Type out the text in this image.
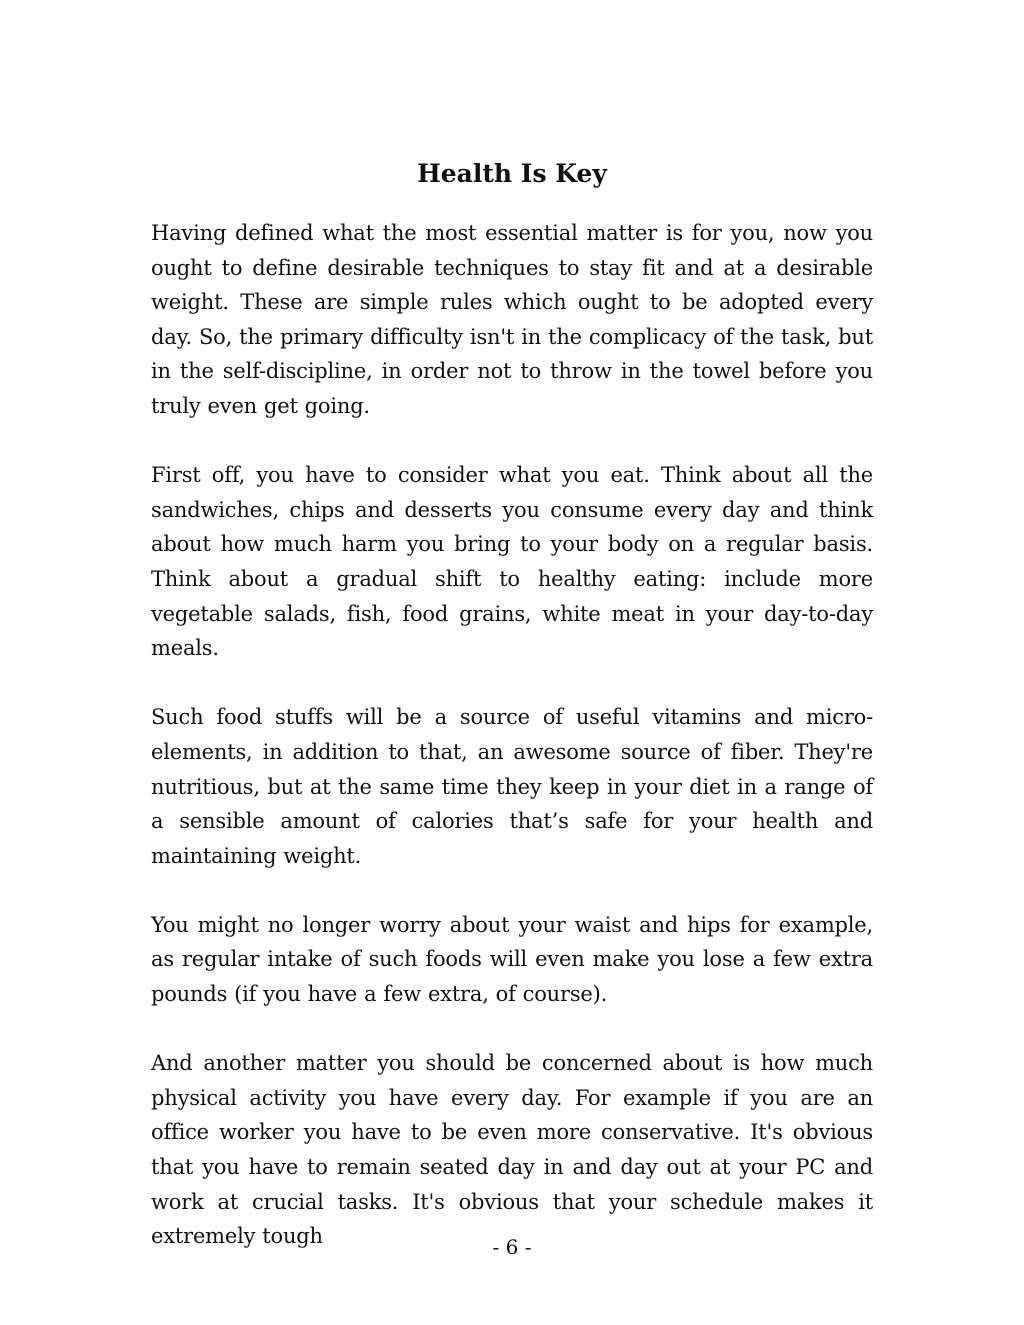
Health Is Key

Having defined what the most essential matter is for you, now you ought to define desirable techniques to stay fit and at a desirable weight. These are simple rules which ought to be adopted every day. So, the primary difficulty isn't in the complicacy of the task, but in the self-discipline, in order not to throw in the towel before you truly even get going.

First off, you have to consider what you eat. Think about all the sandwiches, chips and desserts you consume every day and think about how much harm you bring to your body on a regular basis. Think about a gradual shift to healthy eating: include more vegetable salads, fish, food grains, white meat in your day-to-day meals.

Such food stuffs will be a source of useful vitamins and micro-elements, in addition to that, an awesome source of fiber. They're nutritious, but at the same time they keep in your diet in a range of a sensible amount of calories that’s safe for your health and maintaining weight.

You might no longer worry about your waist and hips for example, as regular intake of such foods will even make you lose a few extra pounds (if you have a few extra, of course).

And another matter you should be concerned about is how much physical activity you have every day. For example if you are an office worker you have to be even more conservative. It's obvious that you have to remain seated day in and day out at your PC and work at crucial tasks. It's obvious that your schedule makes it extremely tough	- 6 -
